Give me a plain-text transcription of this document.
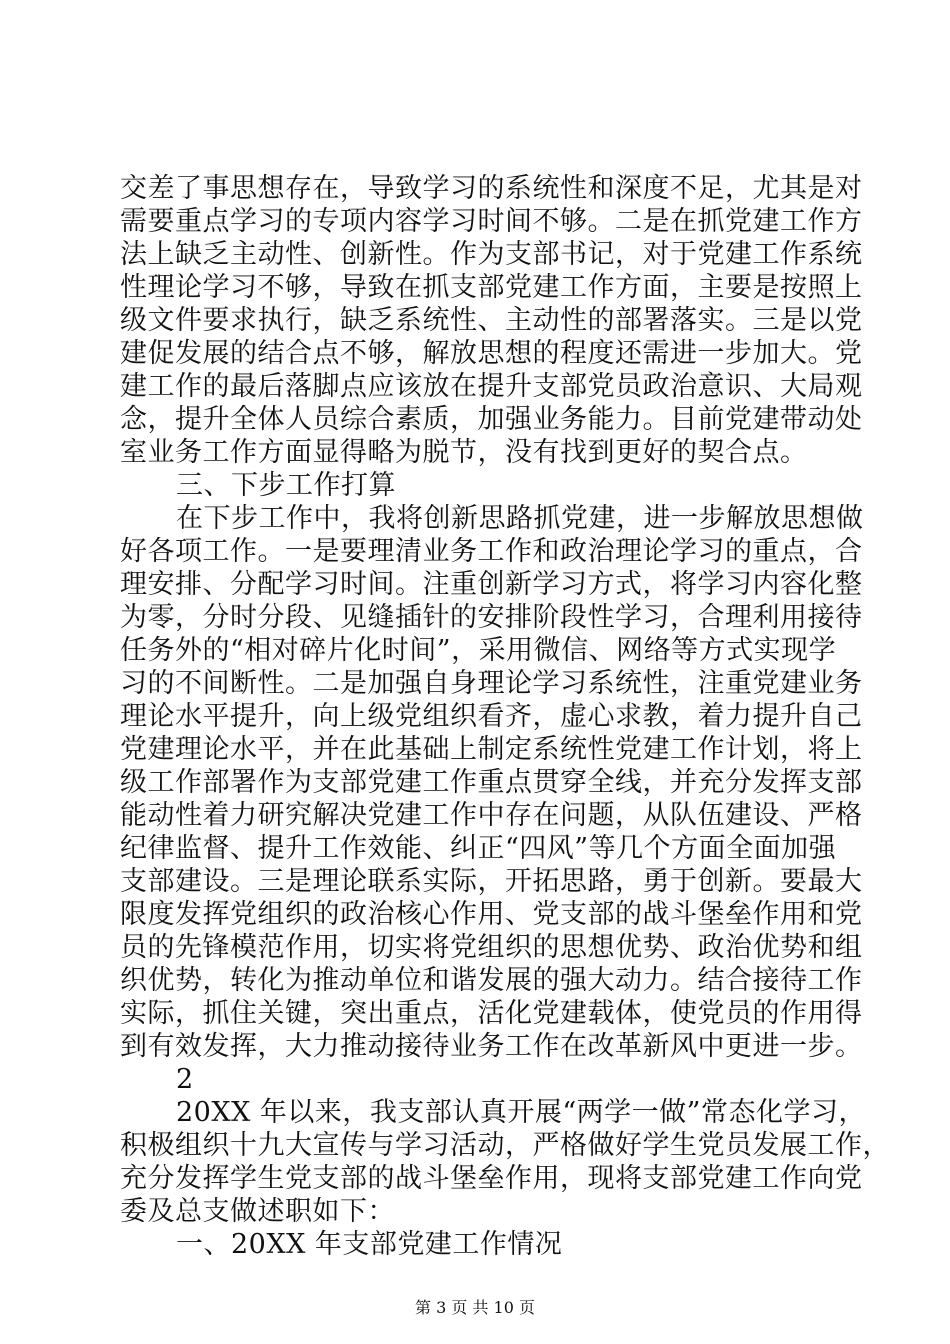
交差了事思想存在，导致学习的系统性和深度不足，尤其是对
需要重点学习的专项内容学习时间不够。二是在抓党建工作方
法上缺乏主动性、创新性。作为支部书记，对于党建工作系统
性理论学习不够，导致在抓支部党建工作方面，主要是按照上
级文件要求执行，缺乏系统性、主动性的部署落实。三是以党
建促发展的结合点不够，解放思想的程度还需进一步加大。党
建工作的最后落脚点应该放在提升支部党员政治意识、大局观
念，提升全体人员综合素质，加强业务能力。目前党建带动处
室业务工作方面显得略为脱节，没有找到更好的契合点。
三、下步工作打算
在下步工作中，我将创新思路抓党建，进一步解放思想做
好各项工作。一是要理清业务工作和政治理论学习的重点，合
理安排、分配学习时间。注重创新学习方式，将学习内容化整
为零，分时分段、见缝插针的安排阶段性学习，合理利用接待
任务外的“相对碎片化时间”，采用微信、网络等方式实现学
习的不间断性。二是加强自身理论学习系统性，注重党建业务
理论水平提升，向上级党组织看齐，虚心求教，着力提升自己
党建理论水平，并在此基础上制定系统性党建工作计划，将上
级工作部署作为支部党建工作重点贯穿全线，并充分发挥支部
能动性着力研究解决党建工作中存在问题，从队伍建设、严格
纪律监督、提升工作效能、纠正“四风”等几个方面全面加强
支部建设。三是理论联系实际，开拓思路，勇于创新。要最大
限度发挥党组织的政治核心作用、党支部的战斗堡垒作用和党
员的先锋模范作用，切实将党组织的思想优势、政治优势和组
织优势，转化为推动单位和谐发展的强大动力。结合接待工作
实际，抓住关键，突出重点，活化党建载体，使党员的作用得
到有效发挥，大力推动接待业务工作在改革新风中更进一步。
2
20XX 年以来，我支部认真开展“两学一做”常态化学习，
积极组织十九大宣传与学习活动，严格做好学生党员发展工作，
充分发挥学生党支部的战斗堡垒作用，现将支部党建工作向党
委及总支做述职如下：
一、20XX 年支部党建工作情况
第 3 页 共 10 页
